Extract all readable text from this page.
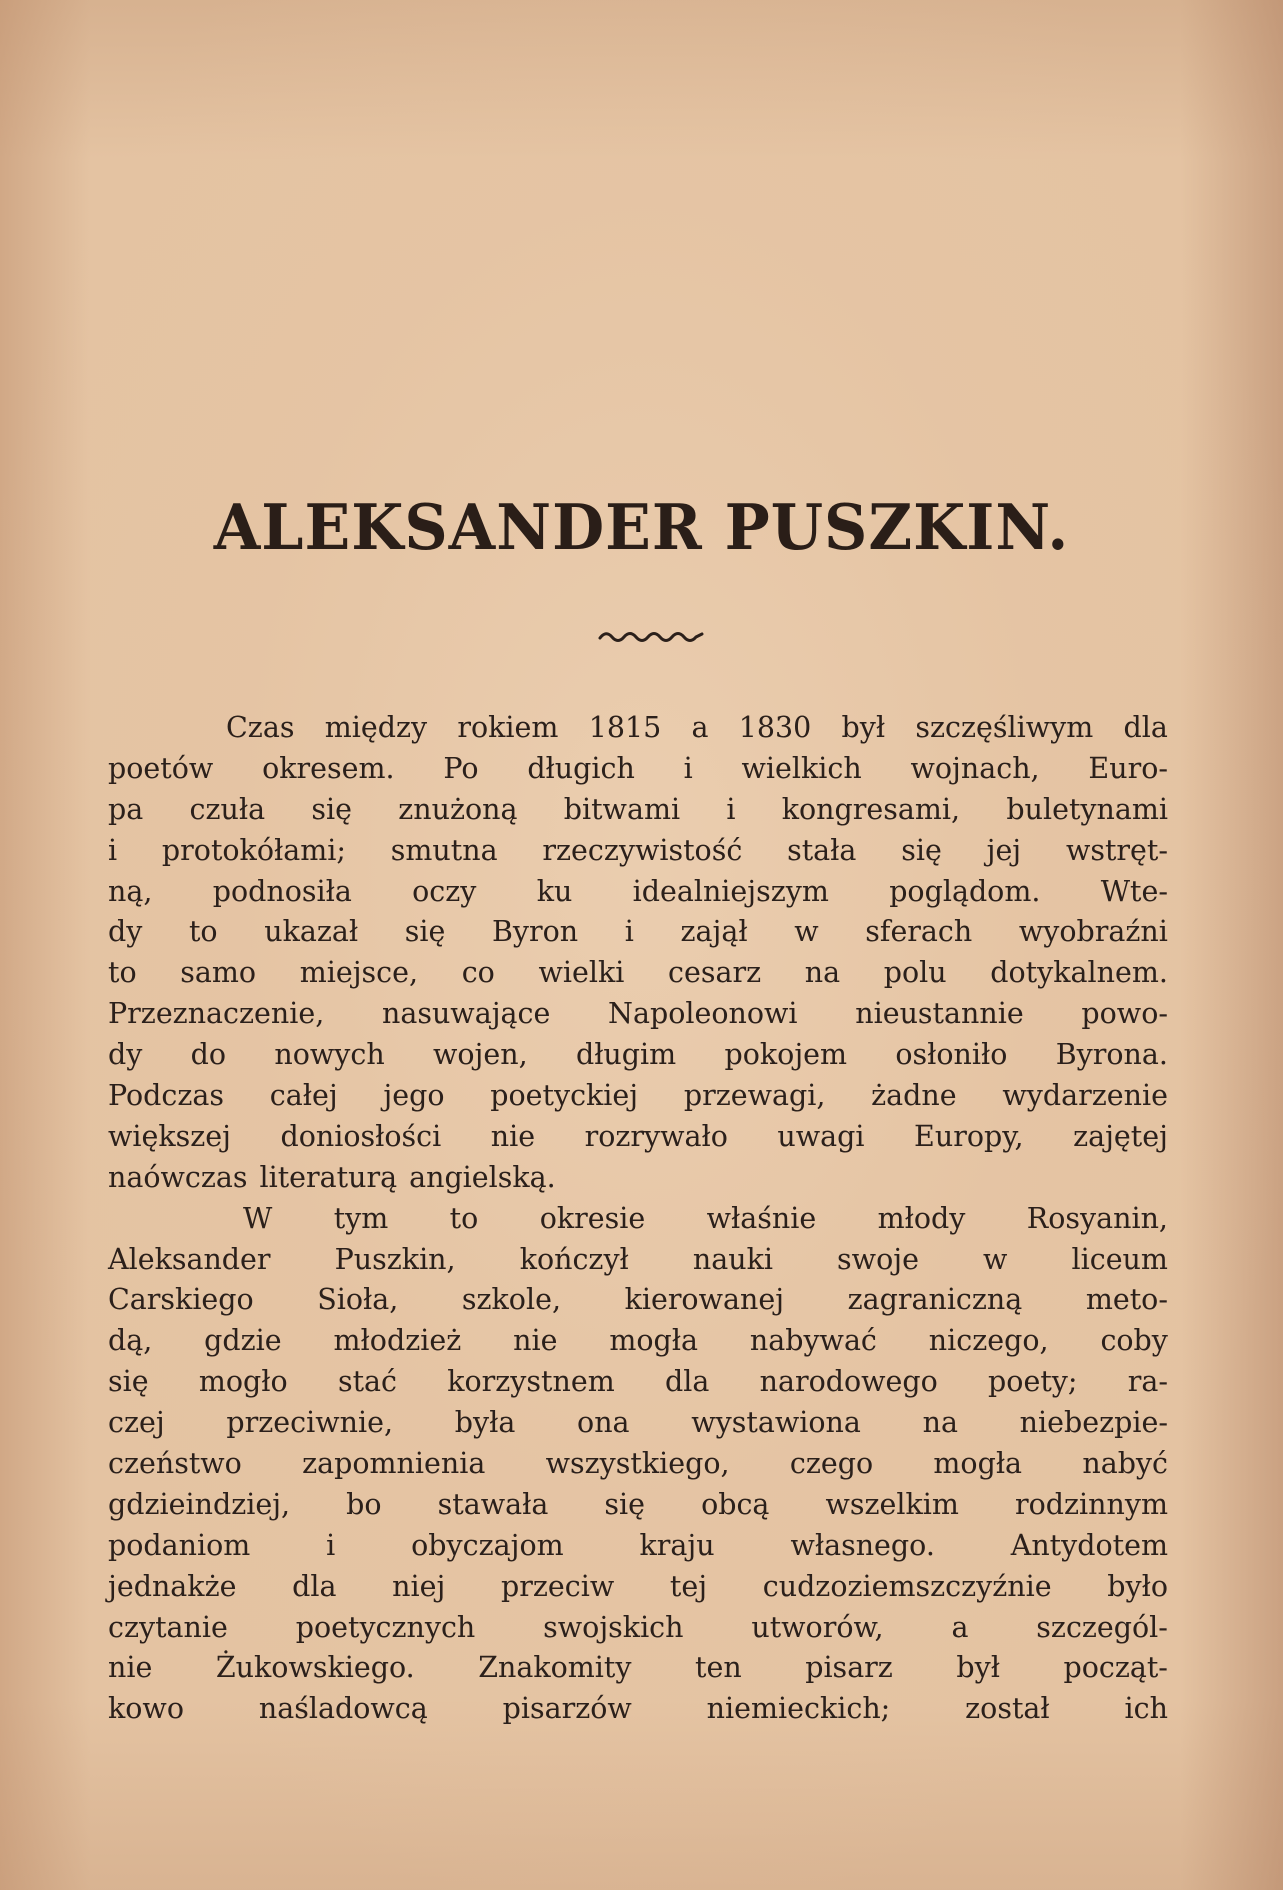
ALEKSANDER PUSZKIN.
Czas między rokiem 1815 a 1830 był szczęśliwym dla
poetów okresem. Po długich i wielkich wojnach, Euro-
pa czuła się znużoną bitwami i kongresami, buletynami
i protokółami; smutna rzeczywistość stała się jej wstręt-
ną, podnosiła oczy ku idealniejszym poglądom. Wte-
dy to ukazał się Byron i zajął w sferach wyobraźni
to samo miejsce, co wielki cesarz na polu dotykalnem.
Przeznaczenie, nasuwające Napoleonowi nieustannie powo-
dy do nowych wojen, długim pokojem osłoniło Byrona.
Podczas całej jego poetyckiej przewagi, żadne wydarzenie
większej doniosłości nie rozrywało uwagi Europy, zajętej
naówczas literaturą angielską.
W tym to okresie właśnie młody Rosyanin,
Aleksander Puszkin, kończył nauki swoje w liceum
Carskiego Sioła, szkole, kierowanej zagraniczną meto-
dą, gdzie młodzież nie mogła nabywać niczego, coby
się mogło stać korzystnem dla narodowego poety; ra-
czej przeciwnie, była ona wystawiona na niebezpie-
czeństwo zapomnienia wszystkiego, czego mogła nabyć
gdzieindziej, bo stawała się obcą wszelkim rodzinnym
podaniom	i	obyczajom	kraju	własnego.	Antydotem
jednakże dla niej przeciw tej cudzoziemszczyźnie było
czytanie poetycznych swojskich utworów, a szczegól-
nie Żukowskiego. Znakomity ten pisarz był począt-
kowo	naśladowcą	pisarzów	niemieckich;	został	ich
